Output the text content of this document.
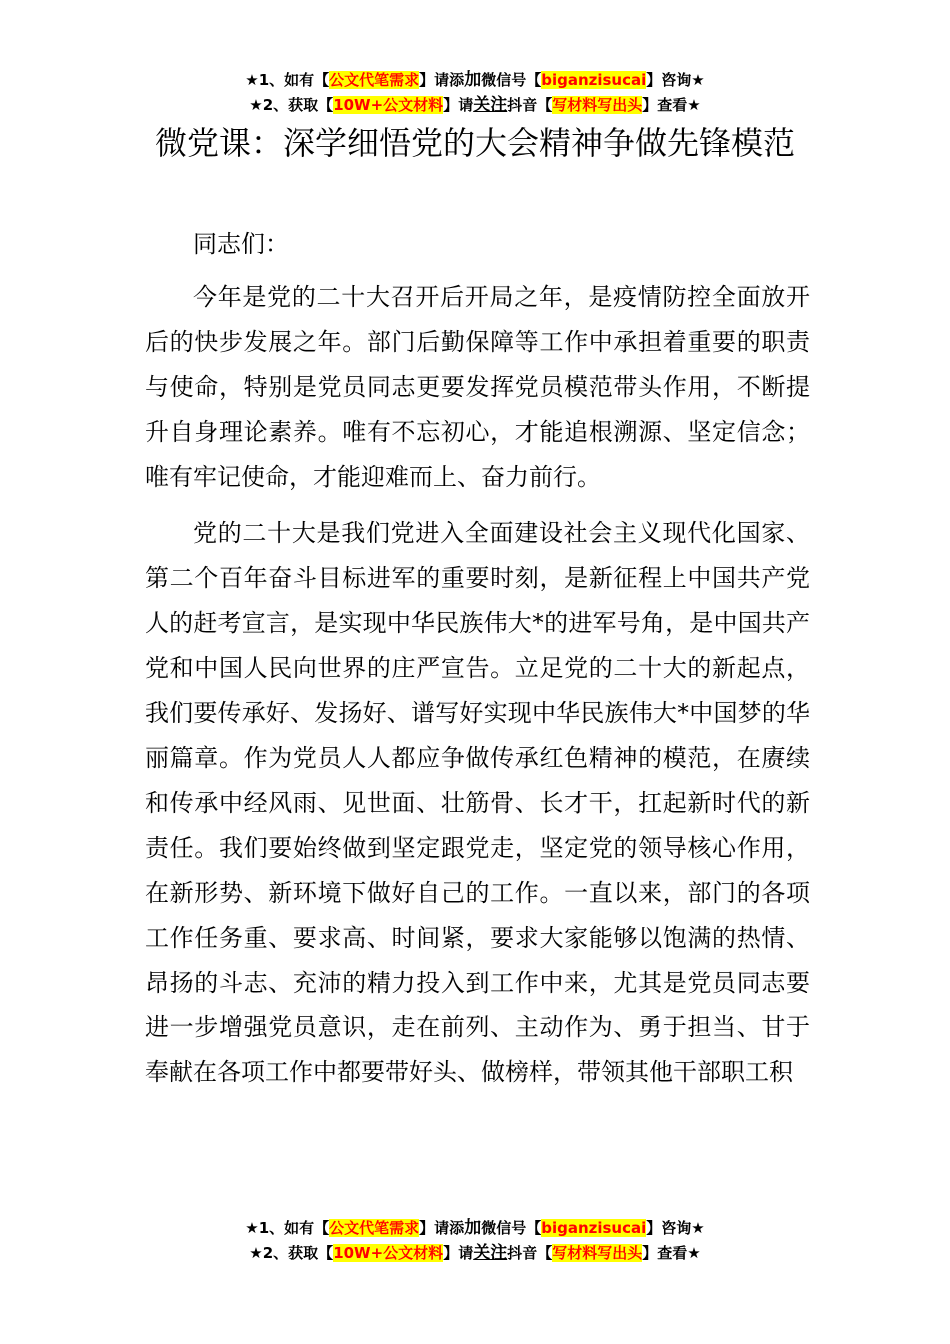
★1、如有【公文代笔需求】请添加微信号【biganzisucai】咨询★
★2、获取【10W+公文材料】请关注抖音【写材料写出头】查看★
微党课：深学细悟党的大会精神争做先锋模范

同志们：

今年是党的二十大召开后开局之年，是疫情防控全面放开后的快步发展之年。部门后勤保障等工作中承担着重要的职责与使命，特别是党员同志更要发挥党员模范带头作用，不断提升自身理论素养。唯有不忘初心，才能追根溯源、坚定信念；唯有牢记使命，才能迎难而上、奋力前行。

党的二十大是我们党进入全面建设社会主义现代化国家、第二个百年奋斗目标进军的重要时刻，是新征程上中国共产党人的赶考宣言，是实现中华民族伟大*的进军号角，是中国共产党和中国人民向世界的庄严宣告。立足党的二十大的新起点，我们要传承好、发扬好、谱写好实现中华民族伟大*中国梦的华丽篇章。作为党员人人都应争做传承红色精神的模范，在赓续和传承中经风雨、见世面、壮筋骨、长才干，扛起新时代的新责任。我们要始终做到坚定跟党走，坚定党的领导核心作用，在新形势、新环境下做好自己的工作。一直以来，部门的各项工作任务重、要求高、时间紧，要求大家能够以饱满的热情、昂扬的斗志、充沛的精力投入到工作中来，尤其是党员同志要进一步增强党员意识，走在前列、主动作为、勇于担当、甘于奉献在各项工作中都要带好头、做榜样，带领其他干部职工积

★1、如有【公文代笔需求】请添加微信号【biganzisucai】咨询★
★2、获取【10W+公文材料】请关注抖音【写材料写出头】查看★
